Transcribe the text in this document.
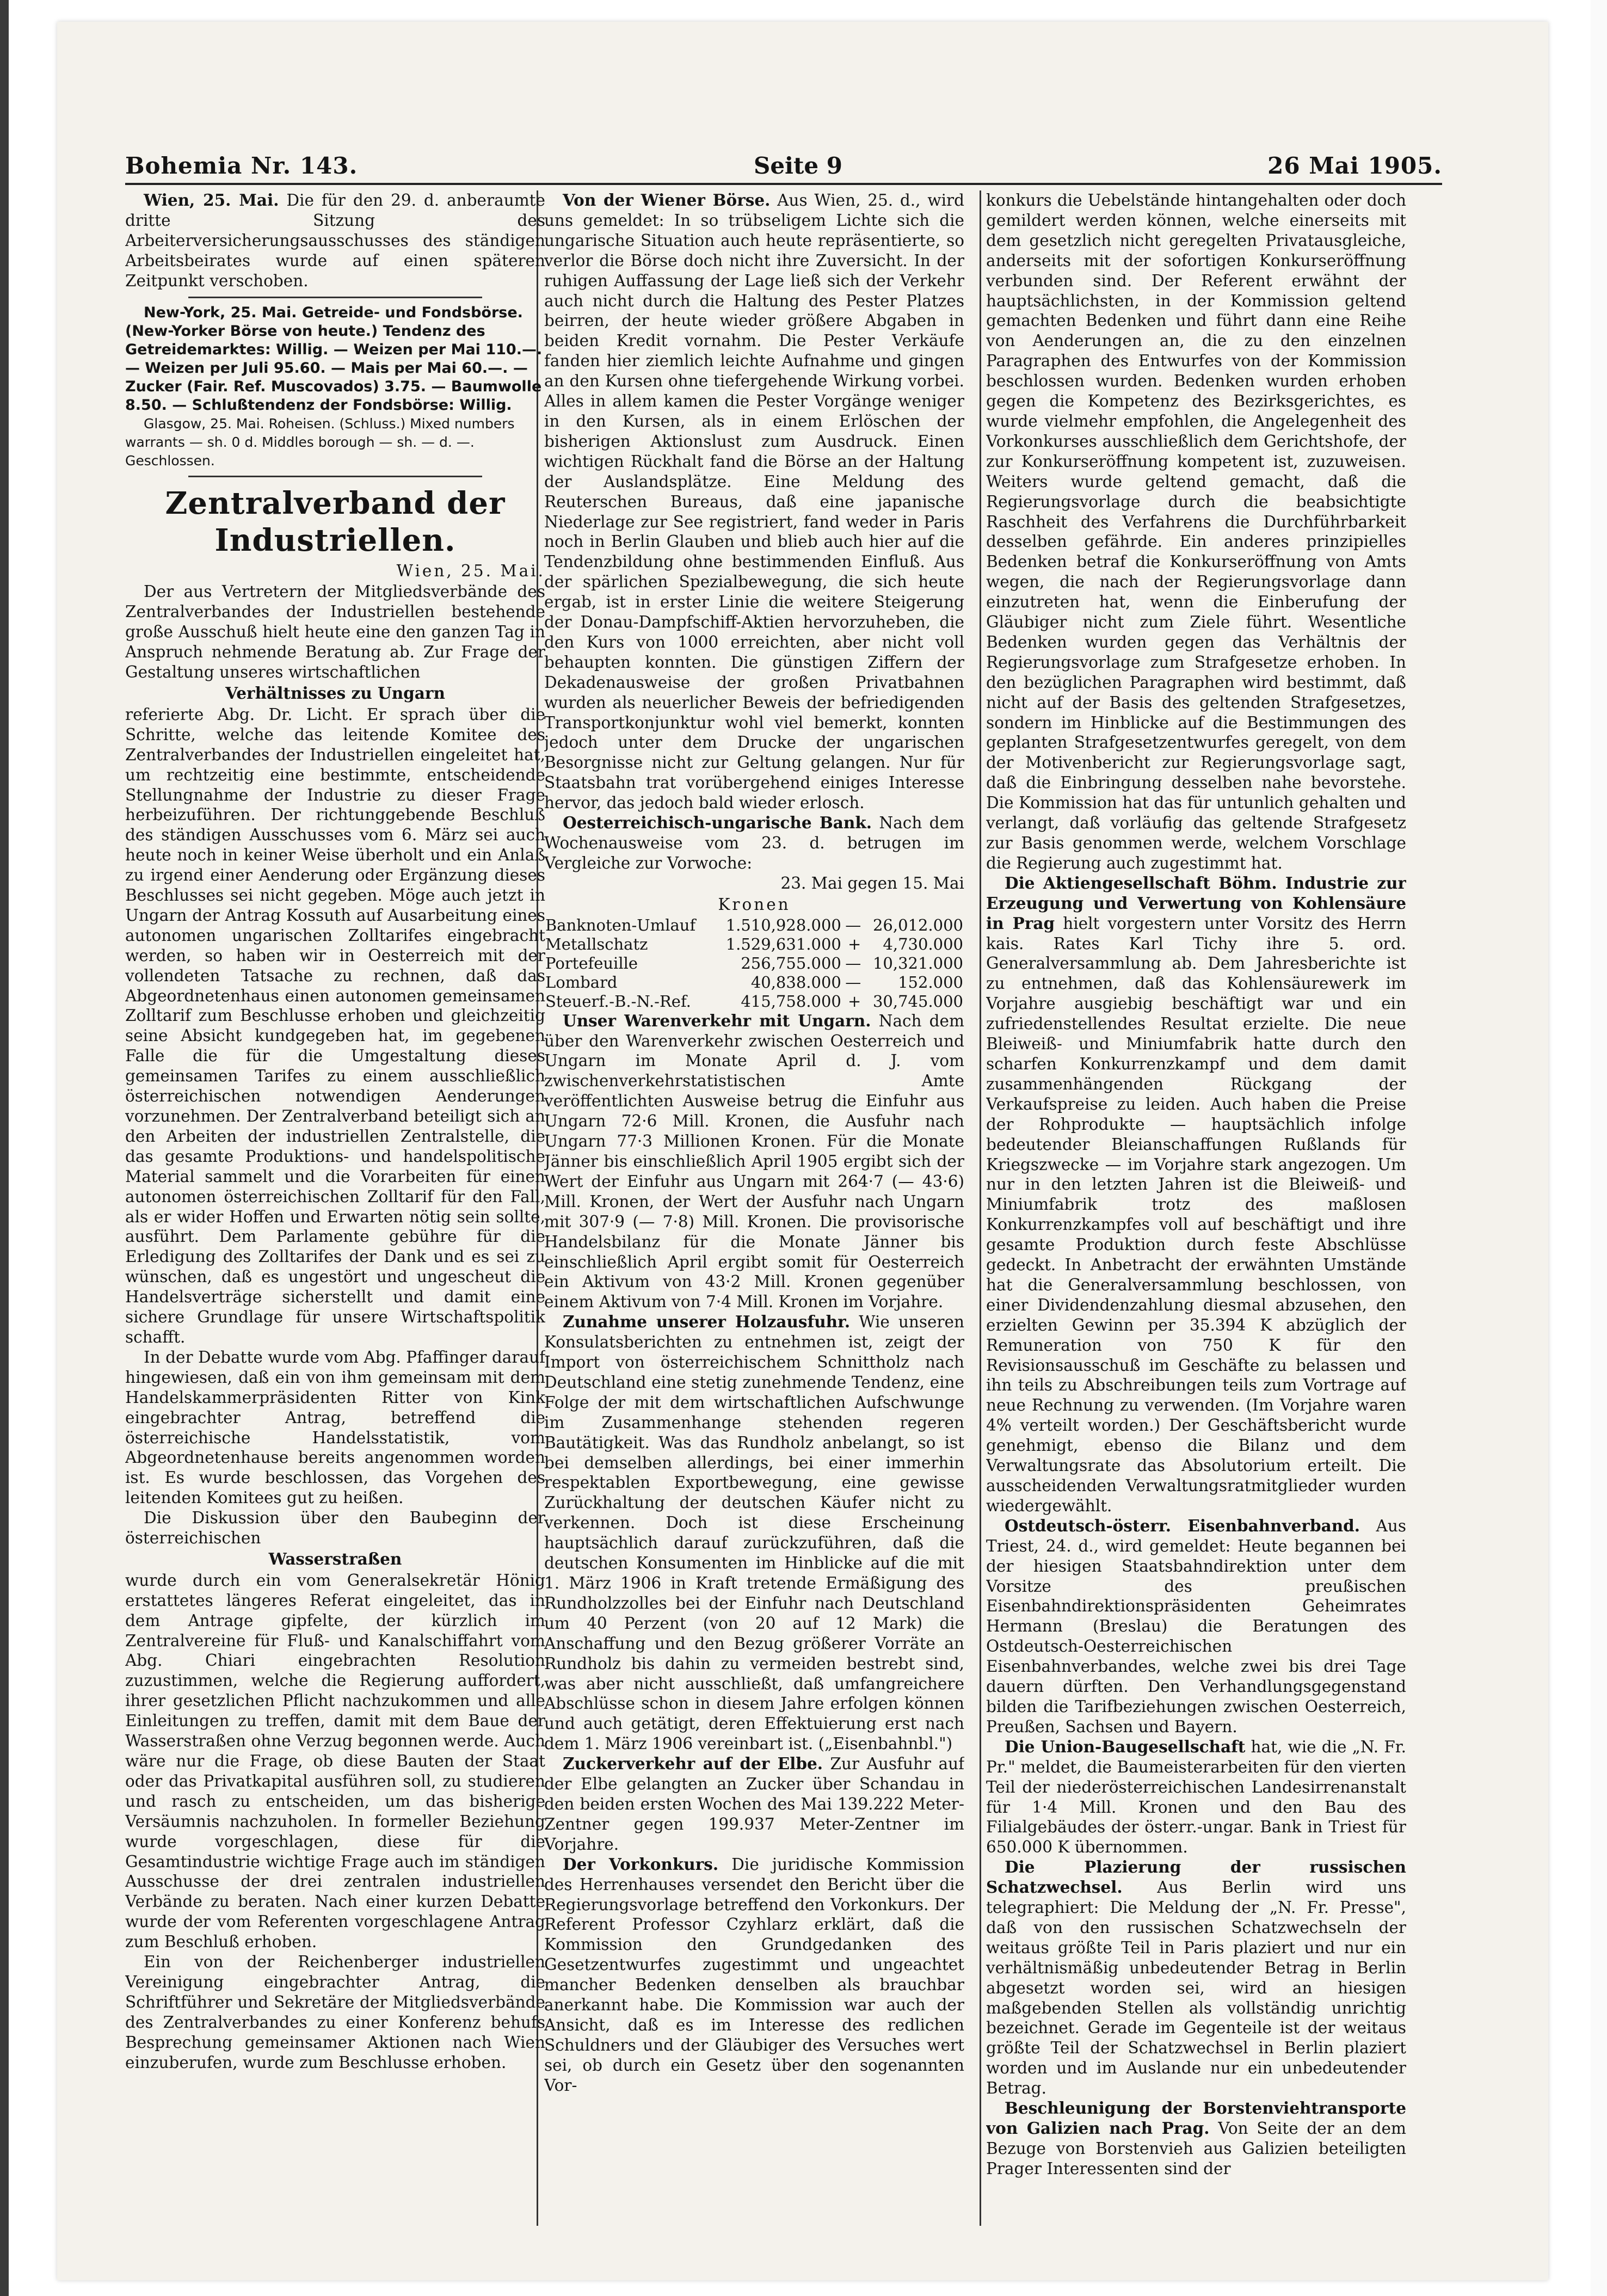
Bohemia Nr. 143.	Seite 9	26 Mai 1905.

Wien, 25. Mai. Die für den 29. d. anberaumte dritte Sitzung des Arbeiterversicherungsausschusses des ständigen Arbeitsbeirates wurde auf einen späteren Zeitpunkt verschoben.

New-York, 25. Mai. Getreide- und Fondsbörse. (New-Yorker Börse von heute.) Tendenz des Getreidemarktes: Willig. — Weizen per Mai 110.—. — Weizen per Juli 95.60. — Mais per Mai 60.—. — Zucker (Fair. Ref. Muscovados) 3.75. — Baumwolle 8.50. — Schlußtendenz der Fondsbörse: Willig.

Glasgow, 25. Mai. Roheisen. (Schluss.) Mixed numbers warrants — sh. 0 d. Middles borough — sh. — d. —. Geschlossen.

Zentralverband der Industriellen.
Wien, 25. Mai.

Der aus Vertretern der Mitgliedsverbände des Zentralverbandes der Industriellen bestehende große Ausschuß hielt heute eine den ganzen Tag in Anspruch nehmende Beratung ab. Zur Frage der Gestaltung unseres wirtschaftlichen

Verhältnisses zu Ungarn

referierte Abg. Dr. Licht. Er sprach über die Schritte, welche das leitende Komitee des Zentralverbandes der Industriellen eingeleitet hat, um rechtzeitig eine bestimmte, entscheidende Stellungnahme der Industrie zu dieser Frage herbeizuführen. Der richtunggebende Beschluß des ständigen Ausschusses vom 6. März sei auch heute noch in keiner Weise überholt und ein Anlaß zu irgend einer Aenderung oder Ergänzung dieses Beschlusses sei nicht gegeben. Möge auch jetzt in Ungarn der Antrag Kossuth auf Ausarbeitung eines autonomen ungarischen Zolltarifes eingebracht werden, so haben wir in Oesterreich mit der vollendeten Tatsache zu rechnen, daß das Abgeordnetenhaus einen autonomen gemeinsamen Zolltarif zum Beschlusse erhoben und gleichzeitig seine Absicht kundgegeben hat, im gegebenen Falle die für die Umgestaltung dieses gemeinsamen Tarifes zu einem ausschließlich österreichischen notwendigen Aenderungen vorzunehmen. Der Zentralverband beteiligt sich an den Arbeiten der industriellen Zentralstelle, die das gesamte Produktions- und handelspolitische Material sammelt und die Vorarbeiten für einen autonomen österreichischen Zolltarif für den Fall, als er wider Hoffen und Erwarten nötig sein sollte, ausführt. Dem Parlamente gebühre für die Erledigung des Zolltarifes der Dank und es sei zu wünschen, daß es ungestört und ungescheut die Handelsverträge sicherstellt und damit eine sichere Grundlage für unsere Wirtschaftspolitik schafft.

In der Debatte wurde vom Abg. Pfaffinger darauf hingewiesen, daß ein von ihm gemeinsam mit dem Handelskammerpräsidenten Ritter von Kink eingebrachter Antrag, betreffend die österreichische Handelsstatistik, vom Abgeordnetenhause bereits angenommen worden ist. Es wurde beschlossen, das Vorgehen des leitenden Komitees gut zu heißen.

Die Diskussion über den Baubeginn der österreichischen

Wasserstraßen

wurde durch ein vom Generalsekretär Hönig erstattetes längeres Referat eingeleitet, das in dem Antrage gipfelte, der kürzlich im Zentralvereine für Fluß- und Kanalschiffahrt vom Abg. Chiari eingebrachten Resolution zuzustimmen, welche die Regierung auffordert, ihrer gesetzlichen Pflicht nachzukommen und alle Einleitungen zu treffen, damit mit dem Baue der Wasserstraßen ohne Verzug begonnen werde. Auch wäre nur die Frage, ob diese Bauten der Staat oder das Privatkapital ausführen soll, zu studieren und rasch zu entscheiden, um das bisherige Versäumnis nachzuholen. In formeller Beziehung wurde vorgeschlagen, diese für die Gesamtindustrie wichtige Frage auch im ständigen Ausschusse der drei zentralen industriellen Verbände zu beraten. Nach einer kurzen Debatte wurde der vom Referenten vorgeschlagene Antrag zum Beschluß erhoben.

Ein von der Reichenberger industriellen Vereinigung eingebrachter Antrag, die Schriftführer und Sekretäre der Mitgliedsverbände des Zentralverbandes zu einer Konferenz behufs Besprechung gemeinsamer Aktionen nach Wien einzuberufen, wurde zum Beschlusse erhoben.

Von der Wiener Börse. Aus Wien, 25. d., wird uns gemeldet: In so trübseligem Lichte sich die ungarische Situation auch heute repräsentierte, so verlor die Börse doch nicht ihre Zuversicht. In der ruhigen Auffassung der Lage ließ sich der Verkehr auch nicht durch die Haltung des Pester Platzes beirren, der heute wieder größere Abgaben in beiden Kredit vornahm. Die Pester Verkäufe fanden hier ziemlich leichte Aufnahme und gingen an den Kursen ohne tiefergehende Wirkung vorbei. Alles in allem kamen die Pester Vorgänge weniger in den Kursen, als in einem Erlöschen der bisherigen Aktionslust zum Ausdruck. Einen wichtigen Rückhalt fand die Börse an der Haltung der Auslandsplätze. Eine Meldung des Reuterschen Bureaus, daß eine japanische Niederlage zur See registriert, fand weder in Paris noch in Berlin Glauben und blieb auch hier auf die Tendenzbildung ohne bestimmenden Einfluß. Aus der spärlichen Spezialbewegung, die sich heute ergab, ist in erster Linie die weitere Steigerung der Donau-Dampfschiff-Aktien hervorzuheben, die den Kurs von 1000 erreichten, aber nicht voll behaupten konnten. Die günstigen Ziffern der Dekadenausweise der großen Privatbahnen wurden als neuerlicher Beweis der befriedigenden Transportkonjunktur wohl viel bemerkt, konnten jedoch unter dem Drucke der ungarischen Besorgnisse nicht zur Geltung gelangen. Nur für Staatsbahn trat vorübergehend einiges Interesse hervor, das jedoch bald wieder erlosch.

Oesterreichisch-ungarische Bank. Nach dem Wochenausweise vom 23. d. betrugen im Vergleiche zur Vorwoche:

23. Mai gegen 15. Mai
Kronen
Banknoten-Umlauf	1.510,928.000	—	26,012.000
Metallschatz	1.529,631.000	+	4,730.000
Portefeuille	256,755.000	—	10,321.000
Lombard	40,838.000	—	152.000
Steuerf.-B.-N.-Ref.	415,758.000	+	30,745.000

Unser Warenverkehr mit Ungarn. Nach dem über den Warenverkehr zwischen Oesterreich und Ungarn im Monate April d. J. vom zwischenverkehrstatistischen Amte veröffentlichten Ausweise betrug die Einfuhr aus Ungarn 72·6 Mill. Kronen, die Ausfuhr nach Ungarn 77·3 Millionen Kronen. Für die Monate Jänner bis einschließlich April 1905 ergibt sich der Wert der Einfuhr aus Ungarn mit 264·7 (— 43·6) Mill. Kronen, der Wert der Ausfuhr nach Ungarn mit 307·9 (— 7·8) Mill. Kronen. Die provisorische Handelsbilanz für die Monate Jänner bis einschließlich April ergibt somit für Oesterreich ein Aktivum von 43·2 Mill. Kronen gegenüber einem Aktivum von 7·4 Mill. Kronen im Vorjahre.

Zunahme unserer Holzausfuhr. Wie unseren Konsulatsberichten zu entnehmen ist, zeigt der Import von österreichischem Schnittholz nach Deutschland eine stetig zunehmende Tendenz, eine Folge der mit dem wirtschaftlichen Aufschwunge im Zusammenhange stehenden regeren Bautätigkeit. Was das Rundholz anbelangt, so ist bei demselben allerdings, bei einer immerhin respektablen Exportbewegung, eine gewisse Zurückhaltung der deutschen Käufer nicht zu verkennen. Doch ist diese Erscheinung hauptsächlich darauf zurückzuführen, daß die deutschen Konsumenten im Hinblicke auf die mit 1. März 1906 in Kraft tretende Ermäßigung des Rundholzzolles bei der Einfuhr nach Deutschland um 40 Perzent (von 20 auf 12 Mark) die Anschaffung und den Bezug größerer Vorräte an Rundholz bis dahin zu vermeiden bestrebt sind, was aber nicht ausschließt, daß umfangreichere Abschlüsse schon in diesem Jahre erfolgen können und auch getätigt, deren Effektuierung erst nach dem 1. März 1906 vereinbart ist. („Eisenbahnbl.")

Zuckerverkehr auf der Elbe. Zur Ausfuhr auf der Elbe gelangten an Zucker über Schandau in den beiden ersten Wochen des Mai 139.222 Meter-Zentner gegen 199.937 Meter-Zentner im Vorjahre.

Der Vorkonkurs. Die juridische Kommission des Herrenhauses versendet den Bericht über die Regierungsvorlage betreffend den Vorkonkurs. Der Referent Professor Czyhlarz erklärt, daß die Kommission den Grundgedanken des Gesetzentwurfes zugestimmt und ungeachtet mancher Bedenken denselben als brauchbar anerkannt habe. Die Kommission war auch der Ansicht, daß es im Interesse des redlichen Schuldners und der Gläubiger des Versuches wert sei, ob durch ein Gesetz über den sogenannten Vor-

konkurs die Uebelstände hintangehalten oder doch gemildert werden können, welche einerseits mit dem gesetzlich nicht geregelten Privatausgleiche, anderseits mit der sofortigen Konkurseröffnung verbunden sind. Der Referent erwähnt der hauptsächlichsten, in der Kommission geltend gemachten Bedenken und führt dann eine Reihe von Aenderungen an, die zu den einzelnen Paragraphen des Entwurfes von der Kommission beschlossen wurden. Bedenken wurden erhoben gegen die Kompetenz des Bezirksgerichtes, es wurde vielmehr empfohlen, die Angelegenheit des Vorkonkurses ausschließlich dem Gerichtshofe, der zur Konkurseröffnung kompetent ist, zuzuweisen. Weiters wurde geltend gemacht, daß die Regierungsvorlage durch die beabsichtigte Raschheit des Verfahrens die Durchführbarkeit desselben gefährde. Ein anderes prinzipielles Bedenken betraf die Konkurseröffnung von Amts wegen, die nach der Regierungsvorlage dann einzutreten hat, wenn die Einberufung der Gläubiger nicht zum Ziele führt. Wesentliche Bedenken wurden gegen das Verhältnis der Regierungsvorlage zum Strafgesetze erhoben. In den bezüglichen Paragraphen wird bestimmt, daß nicht auf der Basis des geltenden Strafgesetzes, sondern im Hinblicke auf die Bestimmungen des geplanten Strafgesetzentwurfes geregelt, von dem der Motivenbericht zur Regierungsvorlage sagt, daß die Einbringung desselben nahe bevorstehe. Die Kommission hat das für untunlich gehalten und verlangt, daß vorläufig das geltende Strafgesetz zur Basis genommen werde, welchem Vorschlage die Regierung auch zugestimmt hat.

Die Aktiengesellschaft Böhm. Industrie zur Erzeugung und Verwertung von Kohlensäure in Prag hielt vorgestern unter Vorsitz des Herrn kais. Rates Karl Tichy ihre 5. ord. Generalversammlung ab. Dem Jahresberichte ist zu entnehmen, daß das Kohlensäurewerk im Vorjahre ausgiebig beschäftigt war und ein zufriedenstellendes Resultat erzielte. Die neue Bleiweiß- und Miniumfabrik hatte durch den scharfen Konkurrenzkampf und dem damit zusammenhängenden Rückgang der Verkaufspreise zu leiden. Auch haben die Preise der Rohprodukte — hauptsächlich infolge bedeutender Bleianschaffungen Rußlands für Kriegszwecke — im Vorjahre stark angezogen. Um nur in den letzten Jahren ist die Bleiweiß- und Miniumfabrik trotz des maßlosen Konkurrenzkampfes voll auf beschäftigt und ihre gesamte Produktion durch feste Abschlüsse gedeckt. In Anbetracht der erwähnten Umstände hat die Generalversammlung beschlossen, von einer Dividendenzahlung diesmal abzusehen, den erzielten Gewinn per 35.394 K abzüglich der Remuneration von 750 K für den Revisionsausschuß im Geschäfte zu belassen und ihn teils zu Abschreibungen teils zum Vortrage auf neue Rechnung zu verwenden. (Im Vorjahre waren 4% verteilt worden.) Der Geschäftsbericht wurde genehmigt, ebenso die Bilanz und dem Verwaltungsrate das Absolutorium erteilt. Die ausscheidenden Verwaltungsratmitglieder wurden wiedergewählt.

Ostdeutsch-österr. Eisenbahnverband. Aus Triest, 24. d., wird gemeldet: Heute begannen bei der hiesigen Staatsbahndirektion unter dem Vorsitze des preußischen Eisenbahndirektionspräsidenten Geheimrates Hermann (Breslau) die Beratungen des Ostdeutsch-Oesterreichischen Eisenbahnverbandes, welche zwei bis drei Tage dauern dürften. Den Verhandlungsgegenstand bilden die Tarifbeziehungen zwischen Oesterreich, Preußen, Sachsen und Bayern.

Die Union-Baugesellschaft hat, wie die „N. Fr. Pr." meldet, die Baumeisterarbeiten für den vierten Teil der niederösterreichischen Landesirrenanstalt für 1·4 Mill. Kronen und den Bau des Filialgebäudes der österr.-ungar. Bank in Triest für 650.000 K übernommen.

Die Plazierung der russischen Schatzwechsel. Aus Berlin wird uns telegraphiert: Die Meldung der „N. Fr. Presse", daß von den russischen Schatzwechseln der weitaus größte Teil in Paris plaziert und nur ein verhältnismäßig unbedeutender Betrag in Berlin abgesetzt worden sei, wird an hiesigen maßgebenden Stellen als vollständig unrichtig bezeichnet. Gerade im Gegenteile ist der weitaus größte Teil der Schatzwechsel in Berlin plaziert worden und im Auslande nur ein unbedeutender Betrag.

Beschleunigung der Borstenviehtransporte von Galizien nach Prag. Von Seite der an dem Bezuge von Borstenvieh aus Galizien beteiligten Prager Interessenten sind der
